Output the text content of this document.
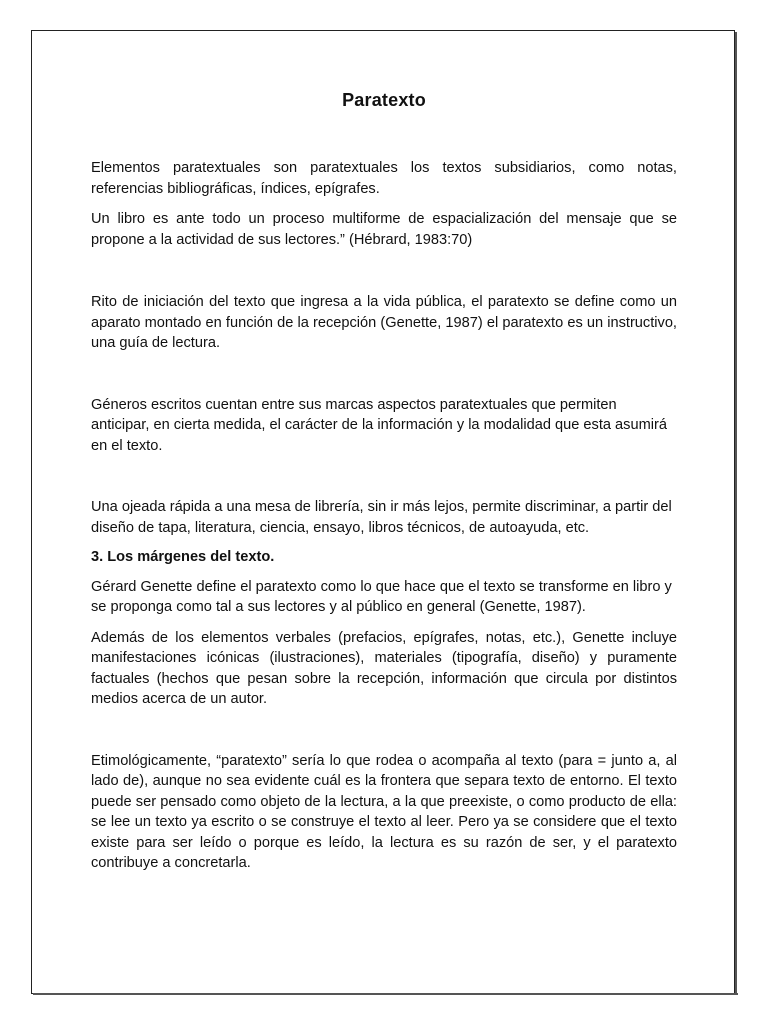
Paratexto

Elementos paratextuales son paratextuales los textos subsidiarios, como notas, referencias bibliográficas, índices, epígrafes.

Un libro es ante todo un proceso multiforme de espacialización del mensaje que se propone a la actividad de sus lectores.” (Hébrard, 1983:70)

Rito de iniciación del texto que ingresa a la vida pública, el paratexto se define como un aparato montado en función de la recepción (Genette, 1987) el paratexto es un instructivo, una guía de lectura.

Géneros escritos cuentan entre sus marcas aspectos paratextuales que permiten anticipar, en cierta medida, el carácter de la información y la modalidad que esta asumirá en el texto.

Una ojeada rápida a una mesa de librería, sin ir más lejos, permite discriminar, a partir del diseño de tapa, literatura, ciencia, ensayo, libros técnicos, de autoayuda, etc.

3. Los márgenes del texto.

Gérard Genette define el paratexto como lo que hace que el texto se transforme en libro y se proponga como tal a sus lectores y al público en general (Genette, 1987).

Además de los elementos verbales (prefacios, epígrafes, notas, etc.), Genette incluye manifestaciones icónicas (ilustraciones), materiales (tipografía, diseño) y puramente factuales (hechos que pesan sobre la recepción, información que circula por distintos medios acerca de un autor.

Etimológicamente, “paratexto” sería lo que rodea o acompaña al texto (para = junto a, al lado de), aunque no sea evidente cuál es la frontera que separa texto de entorno. El texto puede ser pensado como objeto de la lectura, a la que preexiste, o como producto de ella: se lee un texto ya escrito o se construye el texto al leer. Pero ya se considere que el texto existe para ser leído o porque es leído, la lectura es su razón de ser, y el paratexto contribuye a concretarla.
